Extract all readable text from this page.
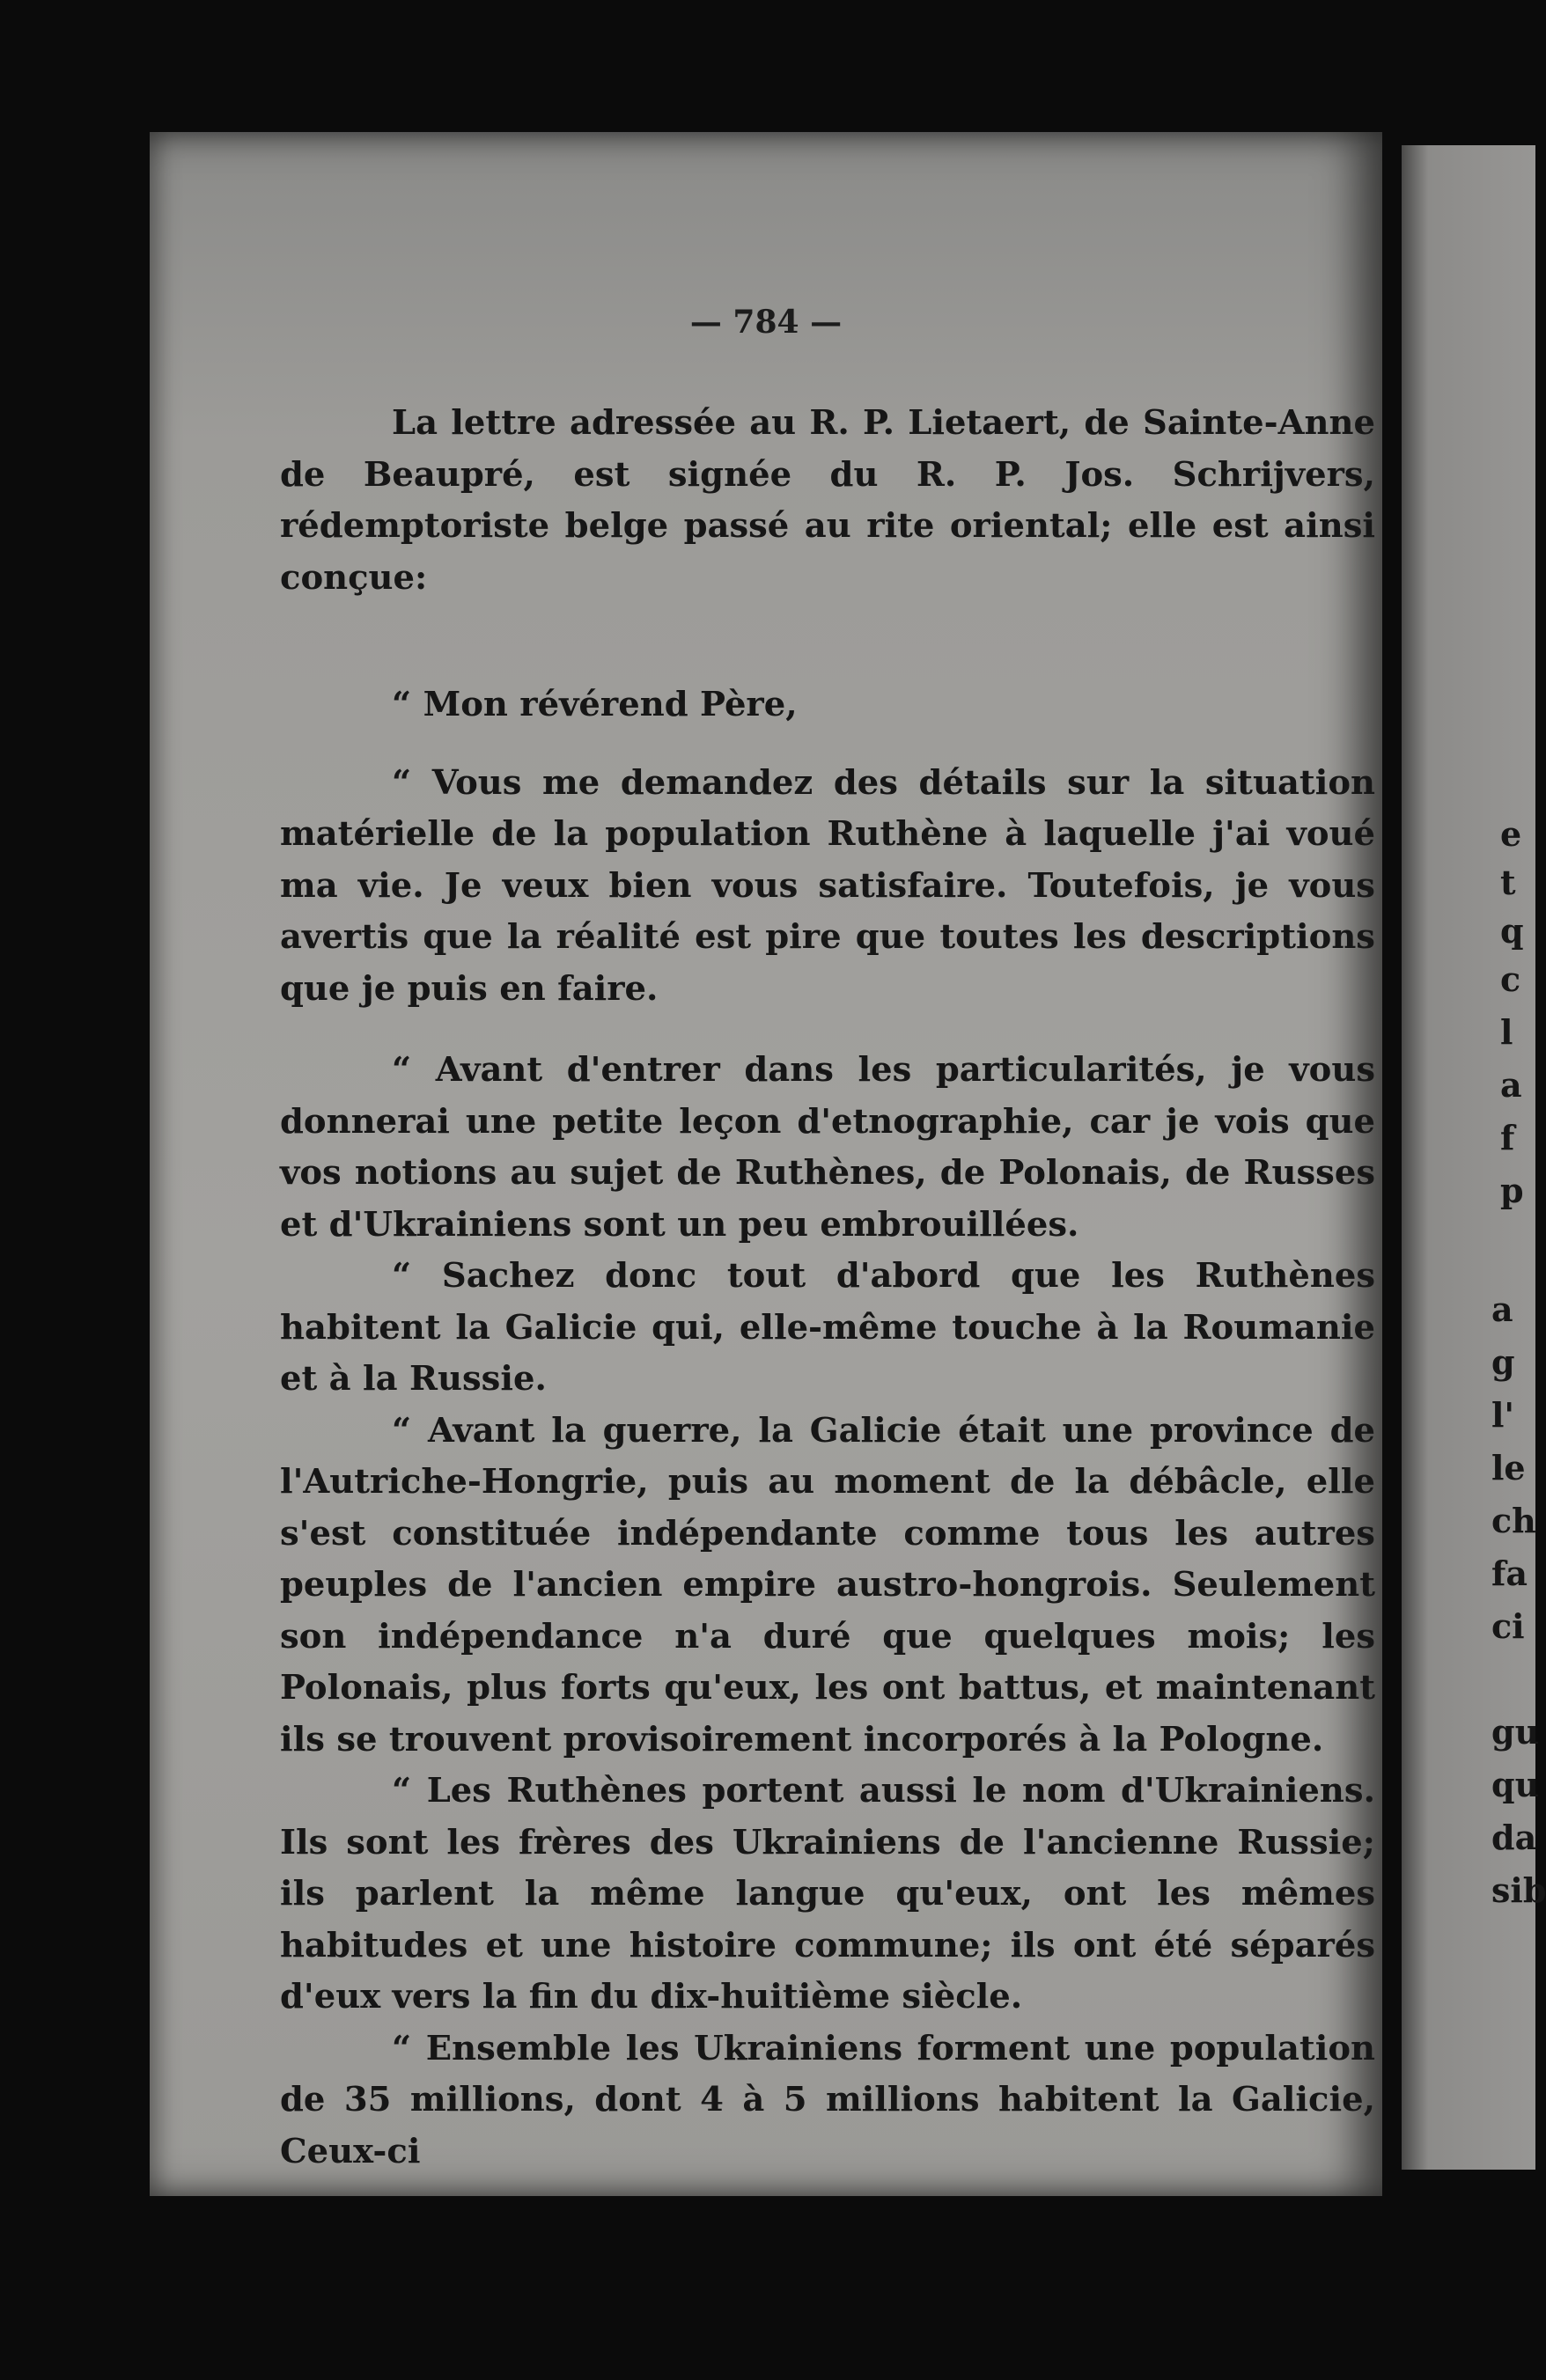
— 784 —

La lettre adressée au R. P. Lietaert, de Sainte-Anne de Beaupré, est signée du R. P. Jos. Schrijvers, rédemptoriste belge passé au rite oriental; elle est ainsi conçue:

“ Mon révérend Père,

“ Vous me demandez des détails sur la situation matérielle de la population Ruthène à laquelle j'ai voué ma vie. Je veux bien vous satisfaire. Toutefois, je vous avertis que la réalité est pire que toutes les descriptions que je puis en faire.

“ Avant d'entrer dans les particularités, je vous donnerai une petite leçon d'etnographie, car je vois que vos notions au sujet de Ruthènes, de Polonais, de Russes et d'Ukrainiens sont un peu embrouillées.

“ Sachez donc tout d'abord que les Ruthènes habitent la Galicie qui, elle-même touche à la Roumanie et à la Russie.

“ Avant la guerre, la Galicie était une province de l'Autriche-Hongrie, puis au moment de la débâcle, elle s'est constituée indépendante comme tous les autres peuples de l'ancien empire austro-hongrois. Seulement son indépendance n'a duré que quelques mois; les Polonais, plus forts qu'eux, les ont battus, et maintenant ils se trouvent provisoirement incorporés à la Pologne.

“ Les Ruthènes portent aussi le nom d'Ukrainiens. Ils sont les frères des Ukrainiens de l'ancienne Russie; ils parlent la même langue qu'eux, ont les mêmes habitudes et une histoire commune; ils ont été séparés d'eux vers la fin du dix-huitième siècle.

“ Ensemble les Ukrainiens forment une population de 35 millions, dont 4 à 5 millions habitent la Galicie, Ceux-ci

e
t
q
c
l
a
f
p
a
g
l'
le
ch
fa
ci
gu
qu
da
sib
